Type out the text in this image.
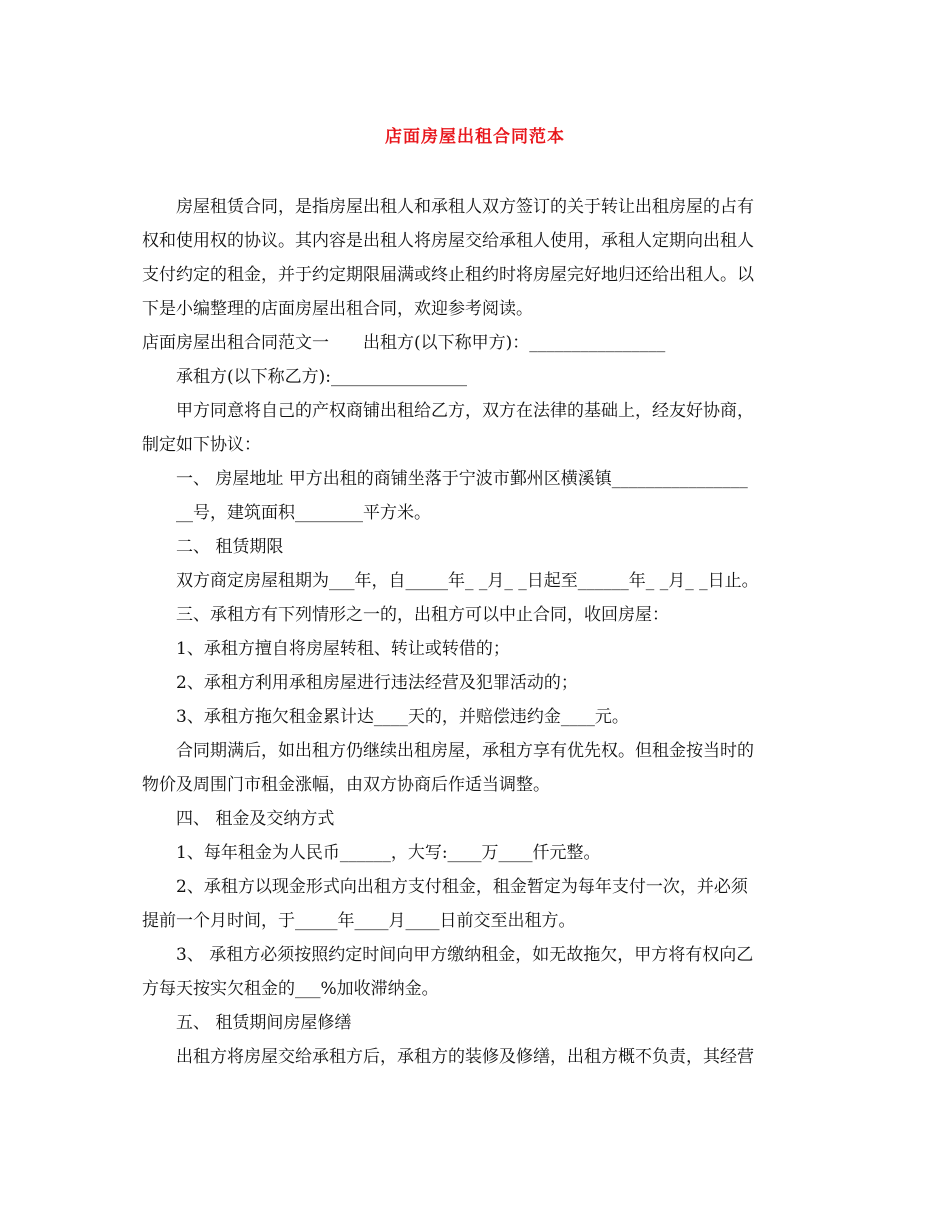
店面房屋出租合同范本
房屋租赁合同，是指房屋出租人和承租人双方签订的关于转让出租房屋的占有
权和使用权的协议。其内容是出租人将房屋交给承租人使用，承租人定期向出租人
支付约定的租金，并于约定期限届满或终止租约时将房屋完好地归还给出租人。以
下是小编整理的店面房屋出租合同，欢迎参考阅读。
店面房屋出租合同范文一 出租方(以下称甲方)：________________
承租方(以下称乙方):________________
甲方同意将自己的产权商铺出租给乙方，双方在法律的基础上，经友好协商，
制定如下协议：
一、 房屋地址 甲方出租的商铺坐落于宁波市鄞州区横溪镇________________
__号，建筑面积________平方米。
二、 租赁期限
双方商定房屋租期为___年，自_____年_ _月_ _日起至______年_ _月_ _日止。
三、承租方有下列情形之一的，出租方可以中止合同，收回房屋：
1、承租方擅自将房屋转租、转让或转借的；
2、承租方利用承租房屋进行违法经营及犯罪活动的；
3、承租方拖欠租金累计达____天的，并赔偿违约金____元。
合同期满后，如出租方仍继续出租房屋，承租方享有优先权。但租金按当时的
物价及周围门市租金涨幅，由双方协商后作适当调整。
四、 租金及交纳方式
1、每年租金为人民币______，大写:____万____仟元整。
2、承租方以现金形式向出租方支付租金，租金暂定为每年支付一次，并必须
提前一个月时间，于_____年____月____日前交至出租方。
3、 承租方必须按照约定时间向甲方缴纳租金，如无故拖欠，甲方将有权向乙
方每天按实欠租金的___%加收滞纳金。
五、 租赁期间房屋修缮
出租方将房屋交给承租方后，承租方的装修及修缮，出租方概不负责，其经营
